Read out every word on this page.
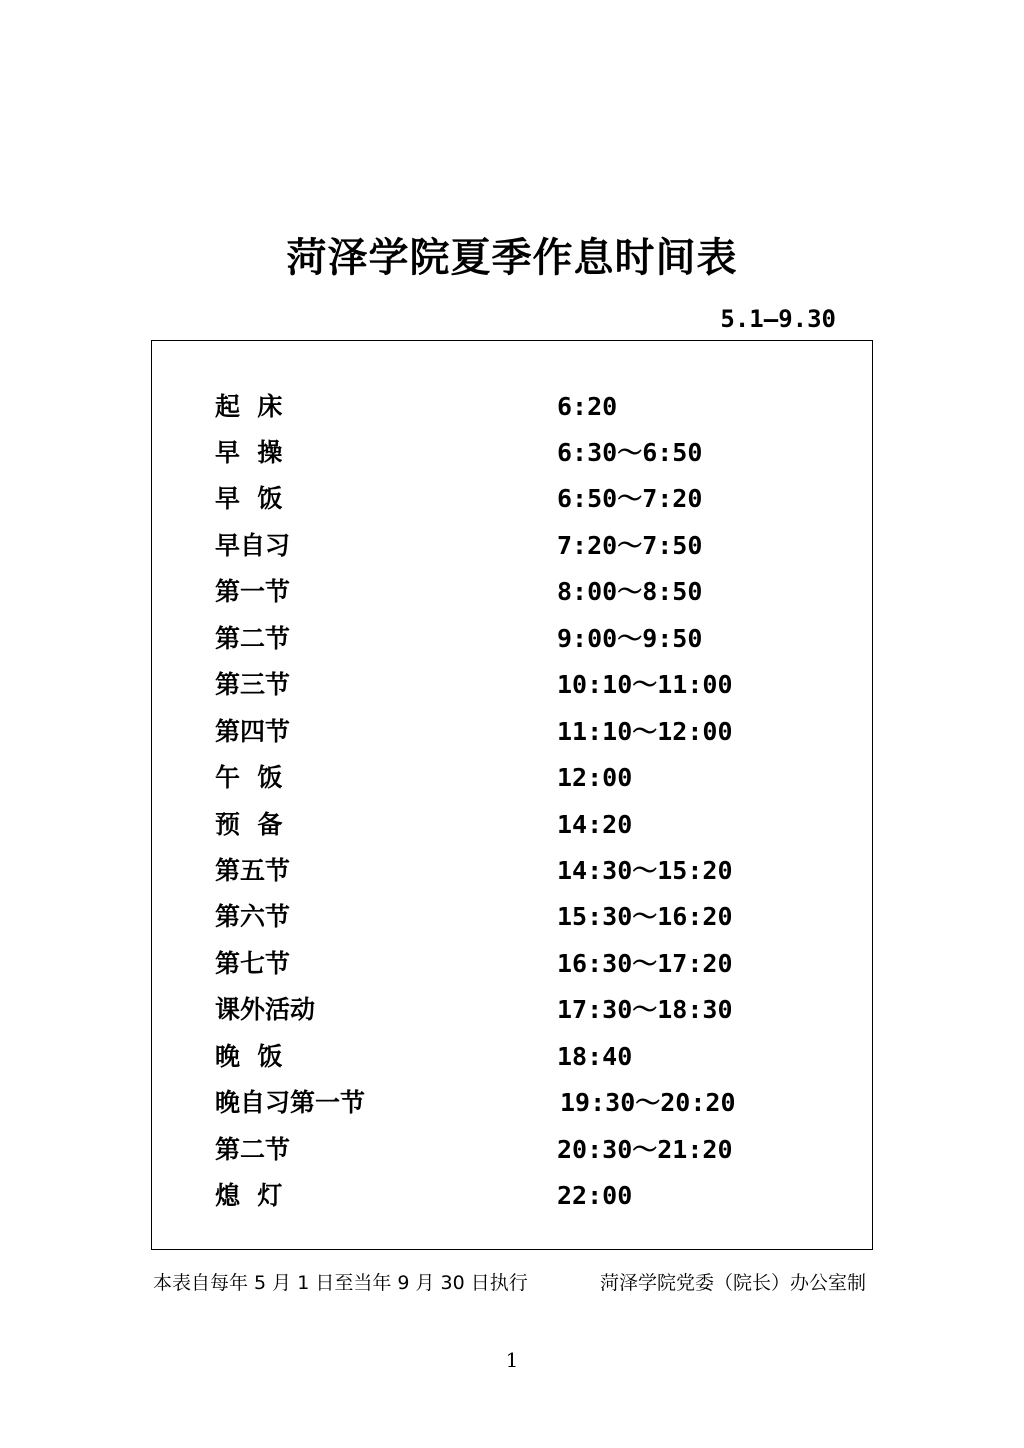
菏泽学院夏季作息时间表
5.1—9.30
起  床	6:20
早  操	6:30～6:50
早  饭	6:50～7:20
早自习	7:20～7:50
第一节	8:00～8:50
第二节	9:00～9:50
第三节	10:10～11:00
第四节	11:10～12:00
午  饭	12:00
预  备	14:20
第五节	14:30～15:20
第六节	15:30～16:20
第七节	16:30～17:20
课外活动	17:30～18:30
晚  饭	18:40
晚自习第一节	19:30～20:20
第二节	20:30～21:20
熄  灯	22:00
本表自每年 5 月 1 日至当年 9 月 30 日执行	菏泽学院党委（院长）办公室制
1
